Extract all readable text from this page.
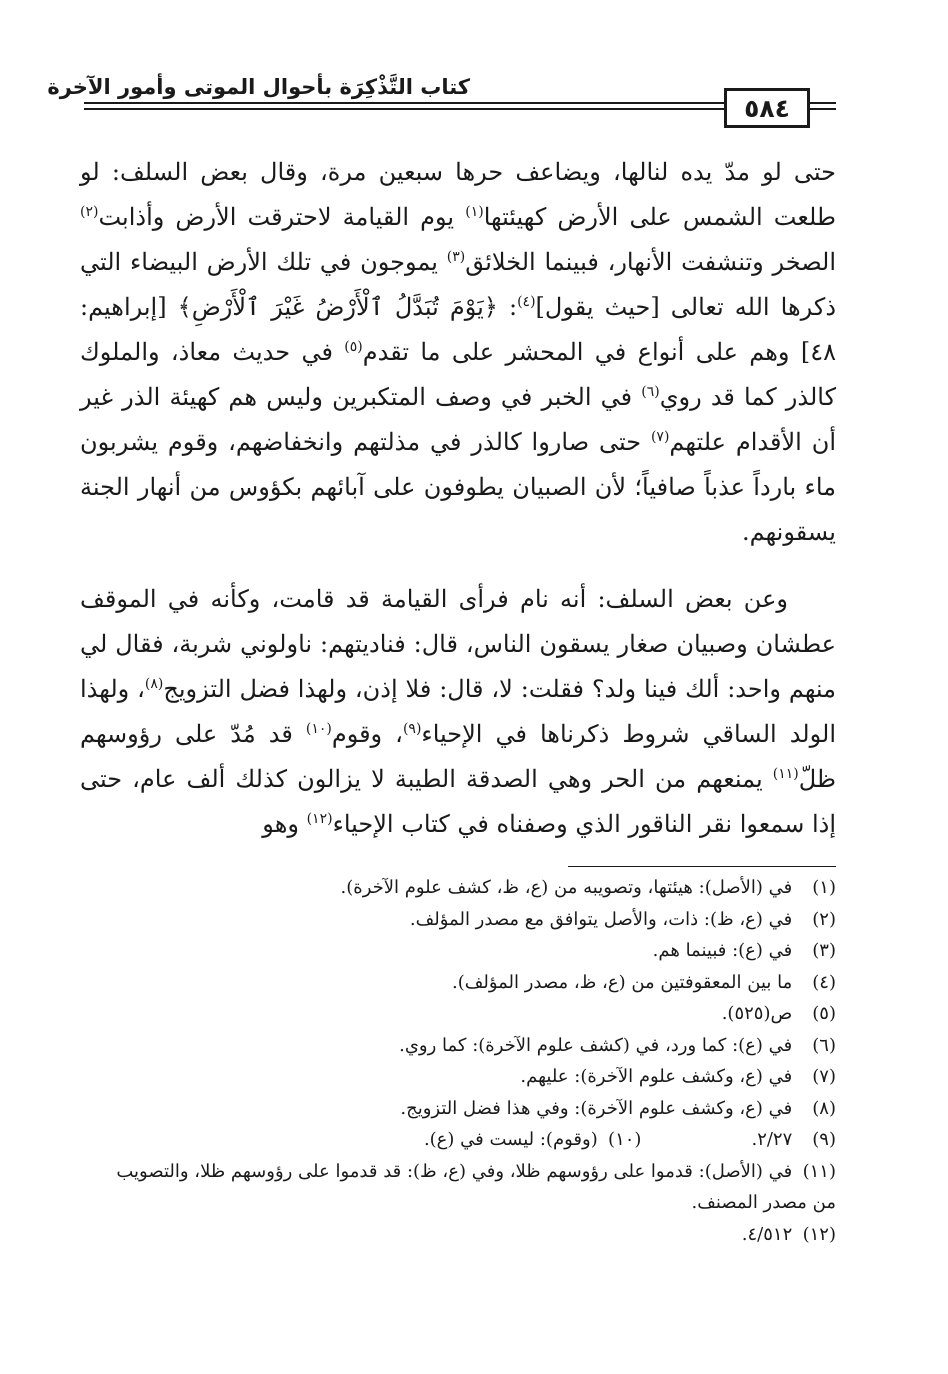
كتاب التَّذْكِرَة بأحوال الموتى وأمور الآخرة
٥٨٤

حتى لو مدّ يده لنالها، ويضاعف حرها سبعين مرة، وقال بعض السلف: لو طلعت الشمس على الأرض كهيئتها$^{(١)}$ يوم القيامة لاحترقت الأرض وأذابت$^{(٢)}$ الصخر وتنشفت الأنهار، فبينما الخلائق$^{(٣)}$ يموجون في تلك الأرض البيضاء التي ذكرها الله تعالى [حيث يقول]$^{(٤)}$: ﴿يَوْمَ تُبَدَّلُ ٱلْأَرْضُ غَيْرَ ٱلْأَرْضِ﴾ [إبراهيم: ٤٨] وهم على أنواع في المحشر على ما تقدم$^{(٥)}$ في حديث معاذ، والملوك كالذر كما قد روي$^{(٦)}$ في الخبر في وصف المتكبرين وليس هم كهيئة الذر غير أن الأقدام علتهم$^{(٧)}$ حتى صاروا كالذر في مذلتهم وانخفاضهم، وقوم يشربون ماء بارداً عذباً صافياً؛ لأن الصبيان يطوفون على آبائهم بكؤوس من أنهار الجنة يسقونهم.

وعن بعض السلف: أنه نام فرأى القيامة قد قامت، وكأنه في الموقف عطشان وصبيان صغار يسقون الناس، قال: فناديتهم: ناولوني شربة، فقال لي منهم واحد: ألك فينا ولد؟ فقلت: لا، قال: فلا إذن، ولهذا فضل التزويج$^{(٨)}$، ولهذا الولد الساقي شروط ذكرناها في الإحياء$^{(٩)}$، وقوم$^{(١٠)}$ قد مُدّ على رؤوسهم ظلّ$^{(١١)}$ يمنعهم من الحر وهي الصدقة الطيبة لا يزالون كذلك ألف عام، حتى إذا سمعوا نقر الناقور الذي وصفناه في كتاب الإحياء$^{(١٢)}$ وهو

(١) في (الأصل): هيئتها، وتصويبه من (ع، ظ، كشف علوم الآخرة).
(٢) في (ع، ظ): ذات، والأصل يتوافق مع مصدر المؤلف.
(٣) في (ع): فبينما هم.
(٤) ما بين المعقوفتين من (ع، ظ، مصدر المؤلف).
(٥) ص(٥٢٥).
(٦) في (ع): كما ورد، في (كشف علوم الآخرة): كما روي.
(٧) في (ع، وكشف علوم الآخرة): عليهم.
(٨) في (ع، وكشف علوم الآخرة): وفي هذا فضل التزويج.
(٩) ٢/٢٧.
(١٠) (وقوم): ليست في (ع).
(١١) في (الأصل): قدموا على رؤوسهم ظلا، وفي (ع، ظ): قد قدموا على رؤوسهم ظلا، والتصويب من مصدر المصنف.
(١٢) ٤/٥١٢.
